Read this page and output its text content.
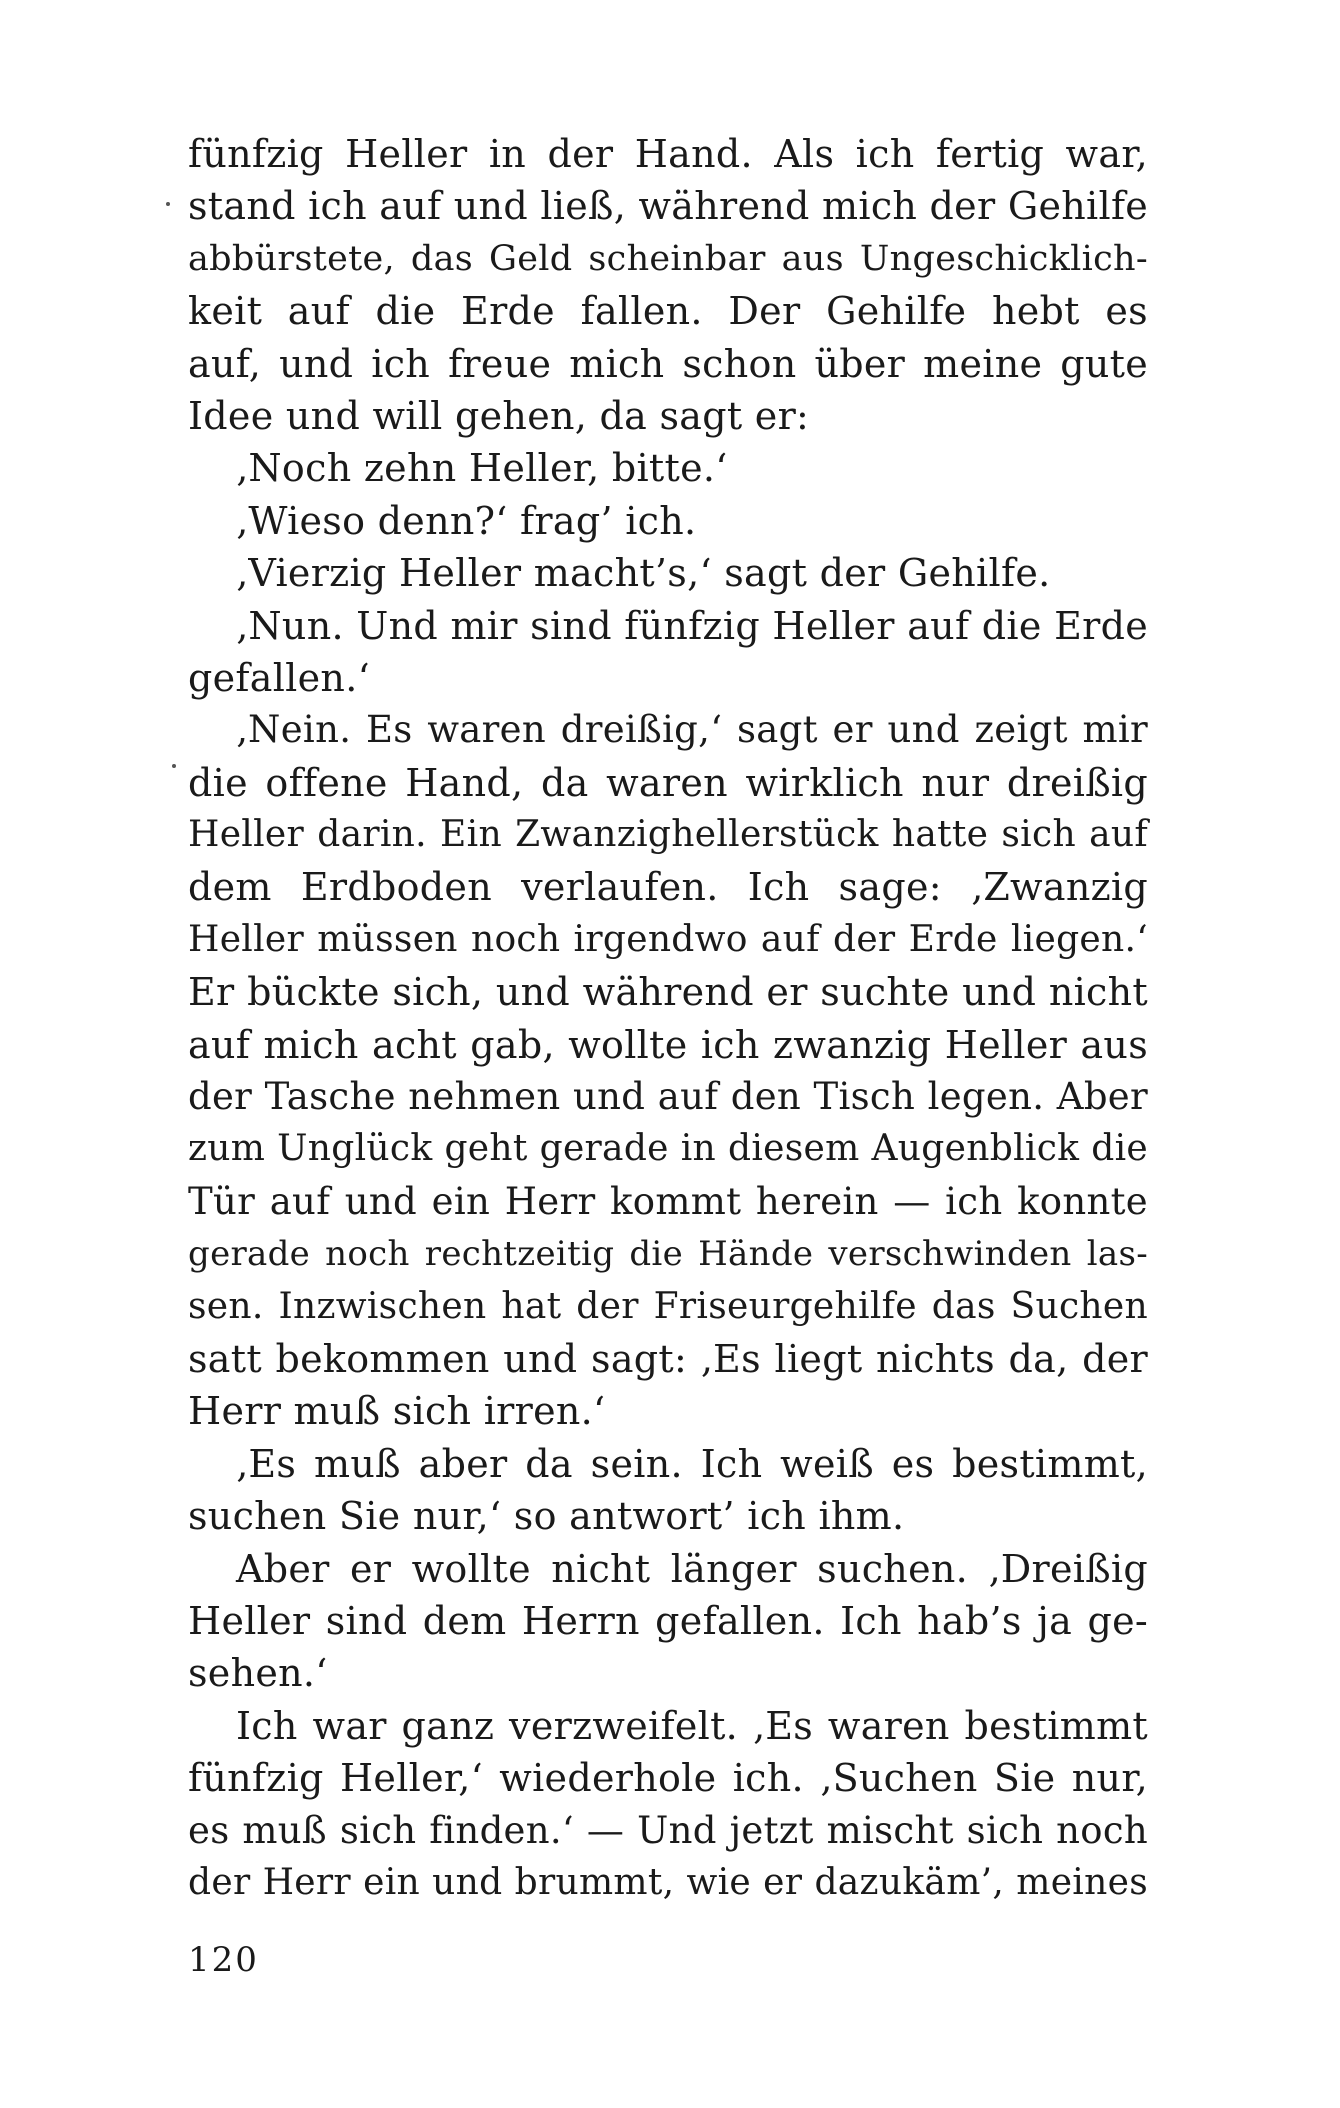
fünfzig Heller in der Hand. Als ich fertig war,
stand ich auf und ließ, während mich der Gehilfe
abbürstete, das Geld scheinbar aus Ungeschicklich-
keit auf die Erde fallen. Der Gehilfe hebt es
auf, und ich freue mich schon über meine gute
Idee und will gehen, da sagt er:
‚Noch zehn Heller, bitte.‘
‚Wieso denn?‘ frag’ ich.
‚Vierzig Heller macht’s,‘ sagt der Gehilfe.
‚Nun. Und mir sind fünfzig Heller auf die Erde
gefallen.‘
‚Nein. Es waren dreißig,‘ sagt er und zeigt mir
die offene Hand, da waren wirklich nur dreißig
Heller darin. Ein Zwanzighellerstück hatte sich auf
dem Erdboden verlaufen. Ich sage: ‚Zwanzig
Heller müssen noch irgendwo auf der Erde liegen.‘
Er bückte sich, und während er suchte und nicht
auf mich acht gab, wollte ich zwanzig Heller aus
der Tasche nehmen und auf den Tisch legen. Aber
zum Unglück geht gerade in diesem Augenblick die
Tür auf und ein Herr kommt herein — ich konnte
gerade noch rechtzeitig die Hände verschwinden las-
sen. Inzwischen hat der Friseurgehilfe das Suchen
satt bekommen und sagt: ‚Es liegt nichts da, der
Herr muß sich irren.‘
‚Es muß aber da sein. Ich weiß es bestimmt,
suchen Sie nur,‘ so antwort’ ich ihm.
Aber er wollte nicht länger suchen. ‚Dreißig
Heller sind dem Herrn gefallen. Ich hab’s ja ge-
sehen.‘
Ich war ganz verzweifelt. ‚Es waren bestimmt
fünfzig Heller,‘ wiederhole ich. ‚Suchen Sie nur,
es muß sich finden.‘ — Und jetzt mischt sich noch
der Herr ein und brummt, wie er dazukäm’, meines
120
